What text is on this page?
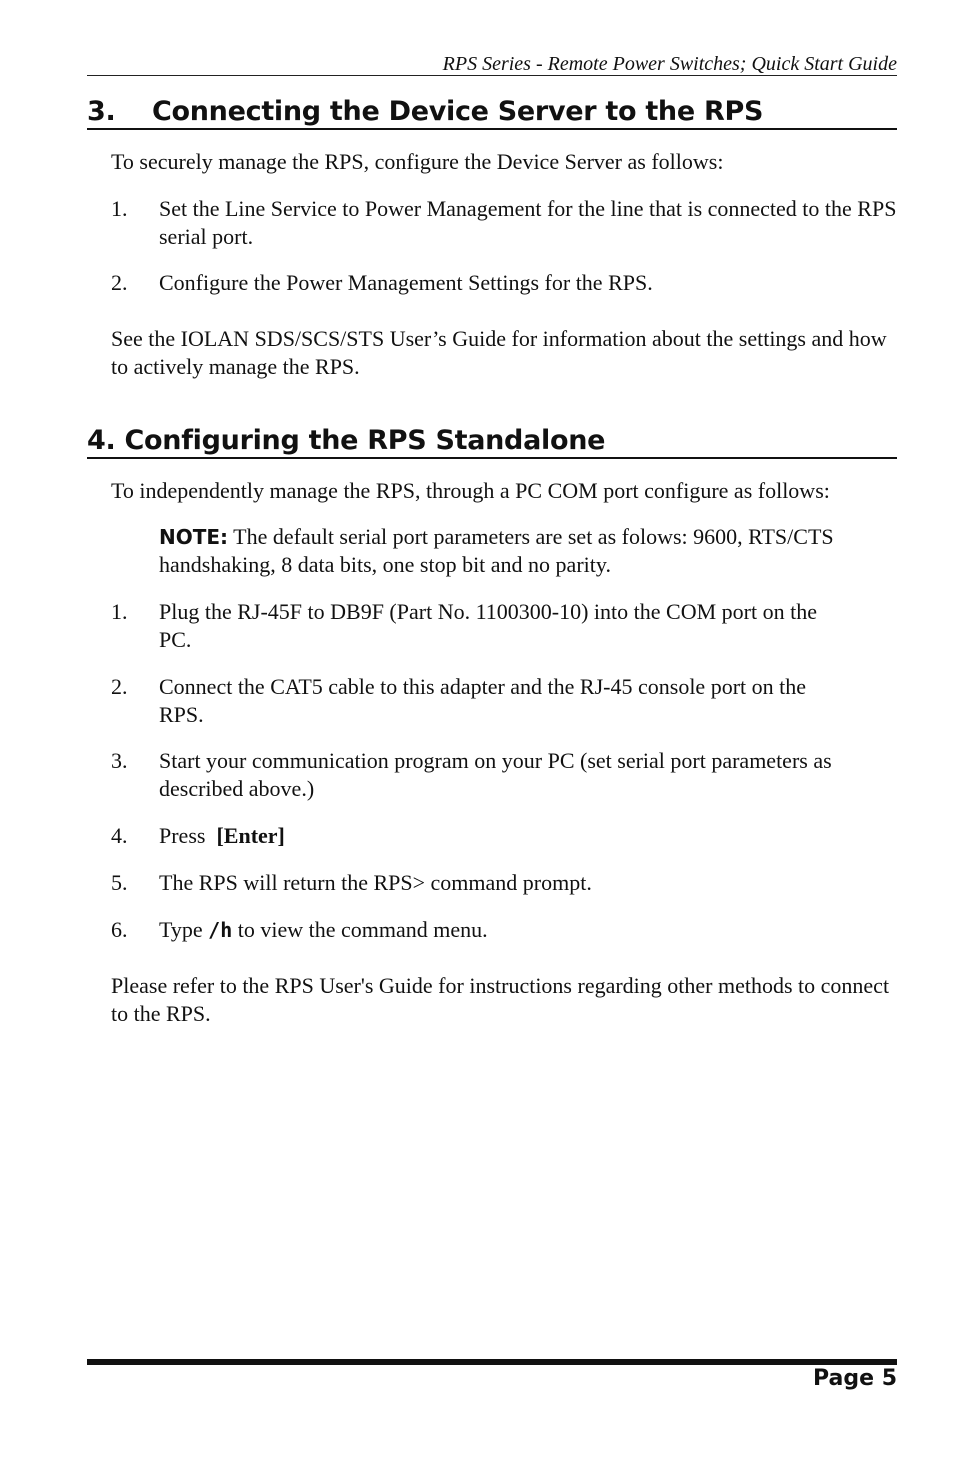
RPS Series - Remote Power Switches; Quick Start Guide
3. Connecting the Device Server to the RPS
To securely manage the RPS, configure the Device Server as follows:
1. Set the Line Service to Power Management for the line that is connected to the RPS serial port.
2. Configure the Power Management Settings for the RPS.
See the IOLAN SDS/SCS/STS User’s Guide for information about the settings and how to actively manage the RPS.
4. Configuring the RPS Standalone
To independently manage the RPS, through a PC COM port configure as follows:
NOTE: The default serial port parameters are set as folows: 9600, RTS/CTS handshaking, 8 data bits, one stop bit and no parity.
1. Plug the RJ-45F to DB9F (Part No. 1100300-10) into the COM port on the PC.
2. Connect the CAT5 cable to this adapter and the RJ-45 console port on the RPS.
3. Start your communication program on your PC (set serial port parameters as described above.)
4. Press  [Enter]
5. The RPS will return the RPS> command prompt.
6. Type /h to view the command menu.
Please refer to the RPS User's Guide for instructions regarding other methods to connect to the RPS.
Page 5
